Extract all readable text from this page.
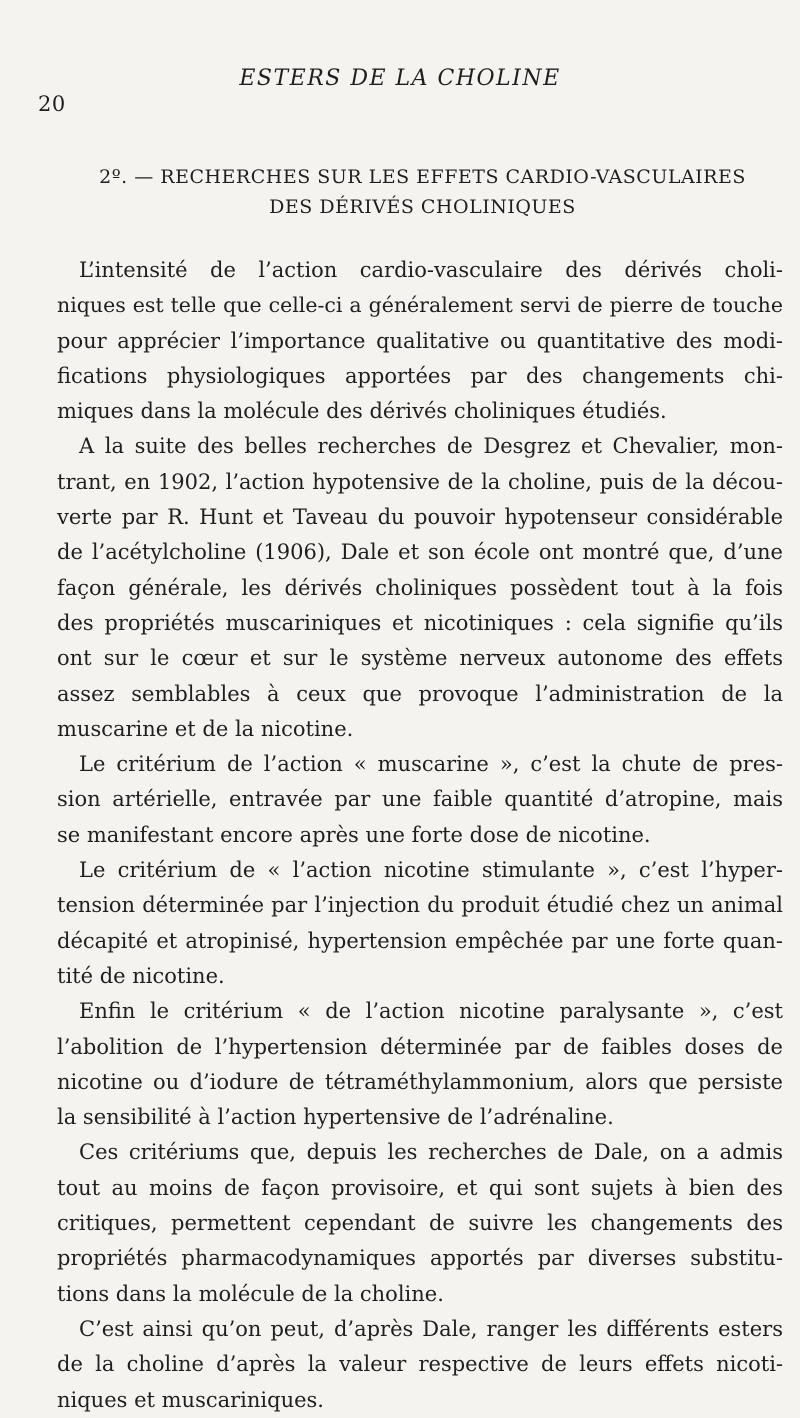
20
ESTERS DE LA CHOLINE
2º. — RECHERCHES SUR LES EFFETS CARDIO-VASCULAIRES
DES DÉRIVÉS CHOLINIQUES
L’intensité de l’action cardio-vasculaire des dérivés choli-
niques est telle que celle-ci a généralement servi de pierre de touche
pour apprécier l’importance qualitative ou quantitative des modi-
fications physiologiques apportées par des changements chi-
miques dans la molécule des dérivés choliniques étudiés.
A la suite des belles recherches de Desgrez et Chevalier, mon-
trant, en 1902, l’action hypotensive de la choline, puis de la décou-
verte par R. Hunt et Taveau du pouvoir hypotenseur considérable
de l’acétylcholine (1906), Dale et son école ont montré que, d’une
façon générale, les dérivés choliniques possèdent tout à la fois
des propriétés muscariniques et nicotiniques : cela signifie qu’ils
ont sur le cœur et sur le système nerveux autonome des effets
assez semblables à ceux que provoque l’administration de la
muscarine et de la nicotine.
Le critérium de l’action « muscarine », c’est la chute de pres-
sion artérielle, entravée par une faible quantité d’atropine, mais
se manifestant encore après une forte dose de nicotine.
Le critérium de « l’action nicotine stimulante », c’est l’hyper-
tension déterminée par l’injection du produit étudié chez un animal
décapité et atropinisé, hypertension empêchée par une forte quan-
tité de nicotine.
Enfin le critérium « de l’action nicotine paralysante », c’est
l’abolition de l’hypertension déterminée par de faibles doses de
nicotine ou d’iodure de tétraméthylammonium, alors que persiste
la sensibilité à l’action hypertensive de l’adrénaline.
Ces critériums que, depuis les recherches de Dale, on a admis
tout au moins de façon provisoire, et qui sont sujets à bien des
critiques, permettent cependant de suivre les changements des
propriétés pharmacodynamiques apportés par diverses substitu-
tions dans la molécule de la choline.
C’est ainsi qu’on peut, d’après Dale, ranger les différents esters
de la choline d’après la valeur respective de leurs effets nicoti-
niques et muscariniques.
